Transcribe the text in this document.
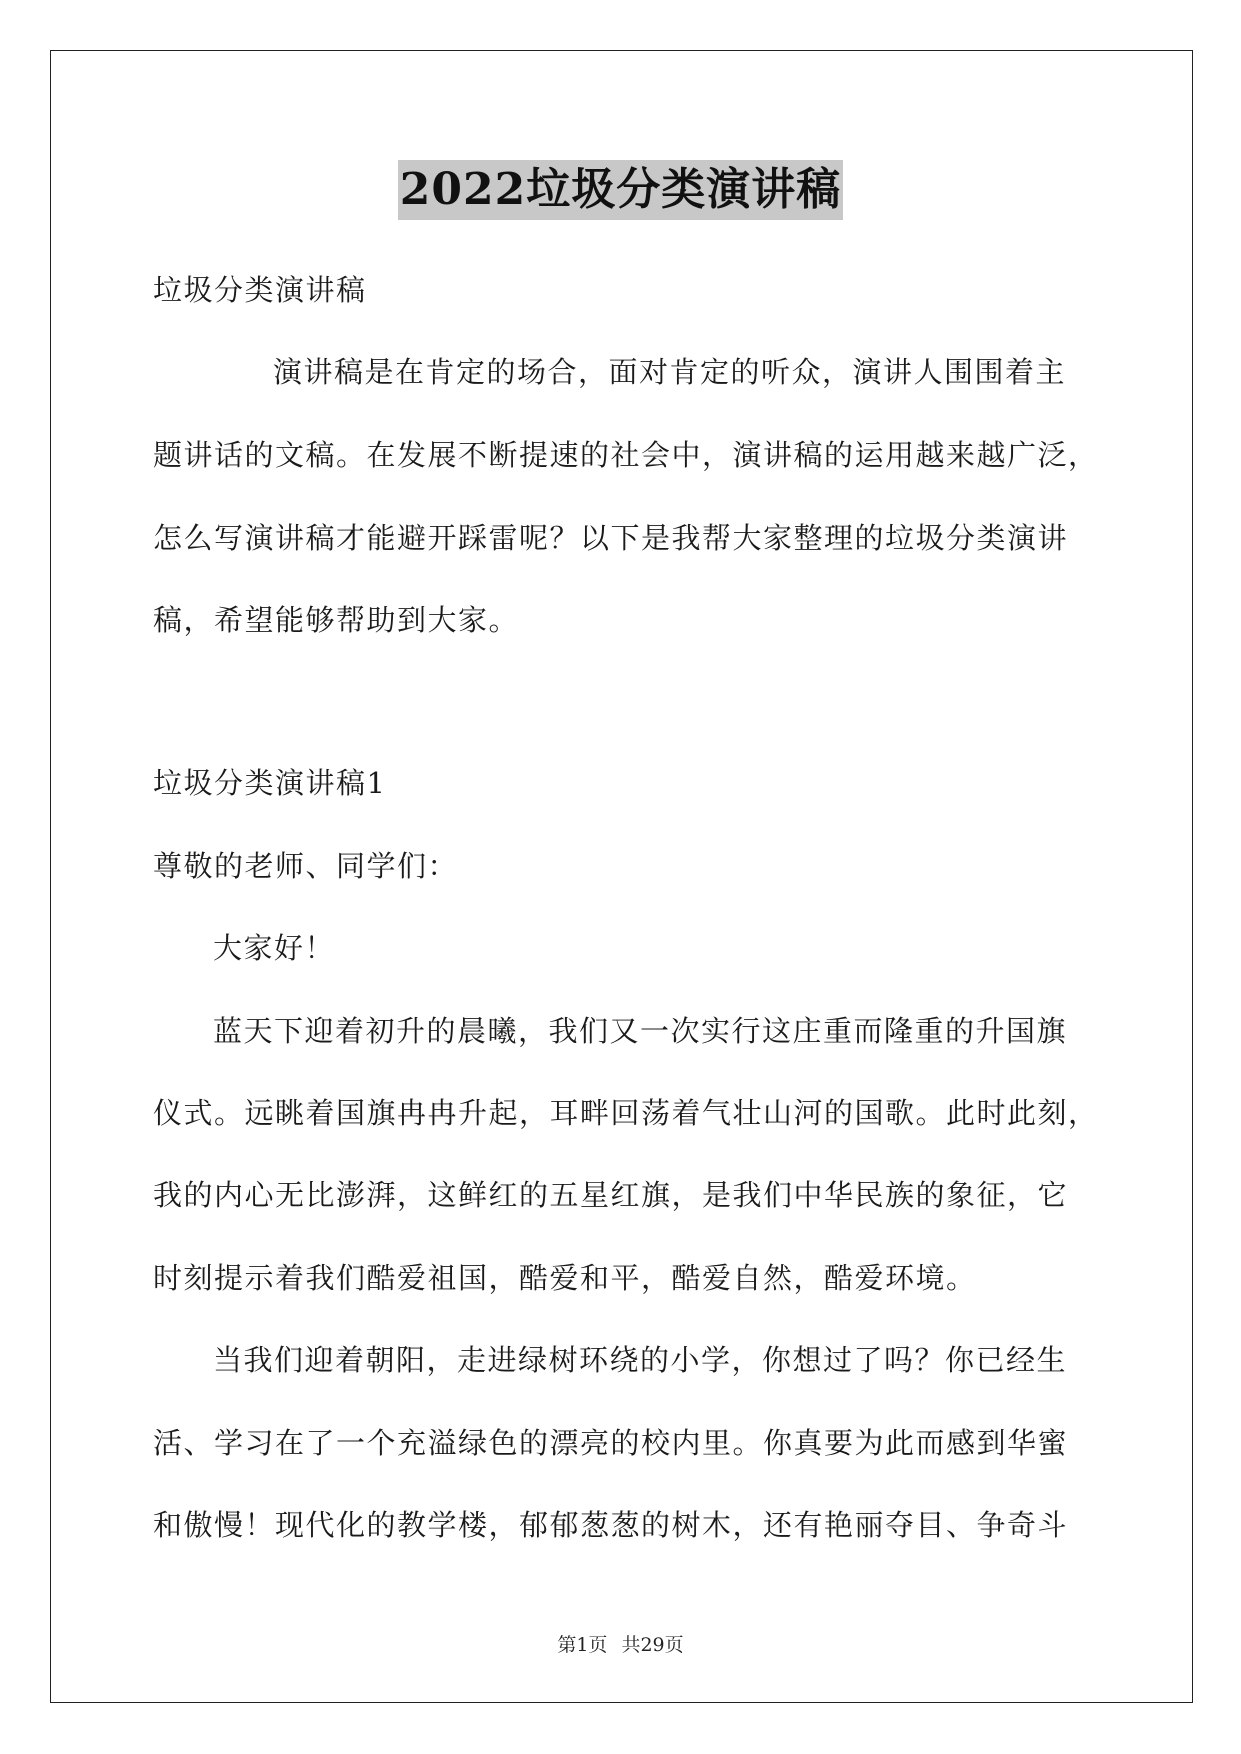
2022垃圾分类演讲稿
垃圾分类演讲稿
演讲稿是在肯定的场合，面对肯定的听众，演讲人围围着主
题讲话的文稿。在发展不断提速的社会中，演讲稿的运用越来越广泛，
怎么写演讲稿才能避开踩雷呢？以下是我帮大家整理的垃圾分类演讲
稿，希望能够帮助到大家。
垃圾分类演讲稿1
尊敬的老师、同学们：
大家好！
蓝天下迎着初升的晨曦，我们又一次实行这庄重而隆重的升国旗
仪式。远眺着国旗冉冉升起，耳畔回荡着气壮山河的国歌。此时此刻，
我的内心无比澎湃，这鲜红的五星红旗，是我们中华民族的象征，它
时刻提示着我们酷爱祖国，酷爱和平，酷爱自然，酷爱环境。
当我们迎着朝阳，走进绿树环绕的小学，你想过了吗？你已经生
活、学习在了一个充溢绿色的漂亮的校内里。你真要为此而感到华蜜
和傲慢！现代化的教学楼，郁郁葱葱的树木，还有艳丽夺目、争奇斗
第1页 共29页
